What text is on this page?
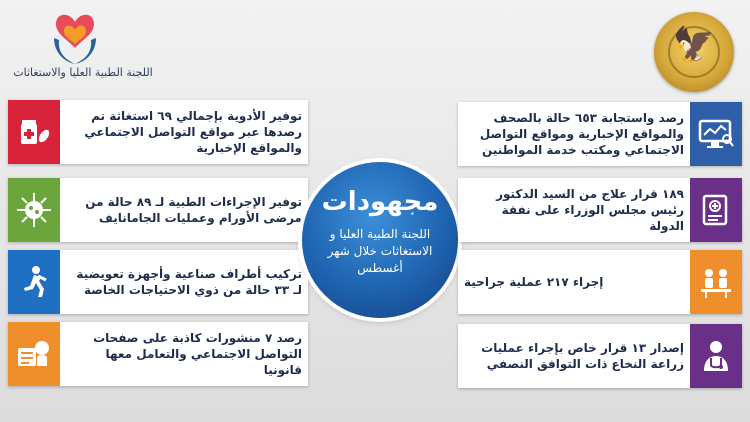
اللجنة الطبية العليا والاستغاثات
🦅
توفير الأدوية بإجمالي ٦٩ استغاثة تم رصدها عبر مواقع التواصل الاجتماعي والمواقع الإخبارية
توفير الإجراءات الطبية لـ ٨٩ حالة من مرضى الأورام وعمليات الجامانايف
تركيب أطراف صناعية وأجهزة تعويضية لـ ٣٣ حالة من ذوي الاحتياجات الخاصة
رصد ٧ منشورات كاذبة على صفحات التواصل الاجتماعي والتعامل معها قانونيا
مجهودات
اللجنة الطبية العليا و الاستغاثات خلال شهر أغسطس
رصد واستجابة ٦٥٣ حالة بالصحف والمواقع الإخبارية ومواقع التواصل الاجتماعي ومكتب خدمة المواطنين
١٨٩ قرار علاج من السيد الدكتور رئيس مجلس الوزراء على نفقة الدولة
إجراء ٢١٧ عملية جراحية
إصدار ١٣ قرار خاص بإجراء عمليات زراعة النخاع ذات التوافق النصفي
